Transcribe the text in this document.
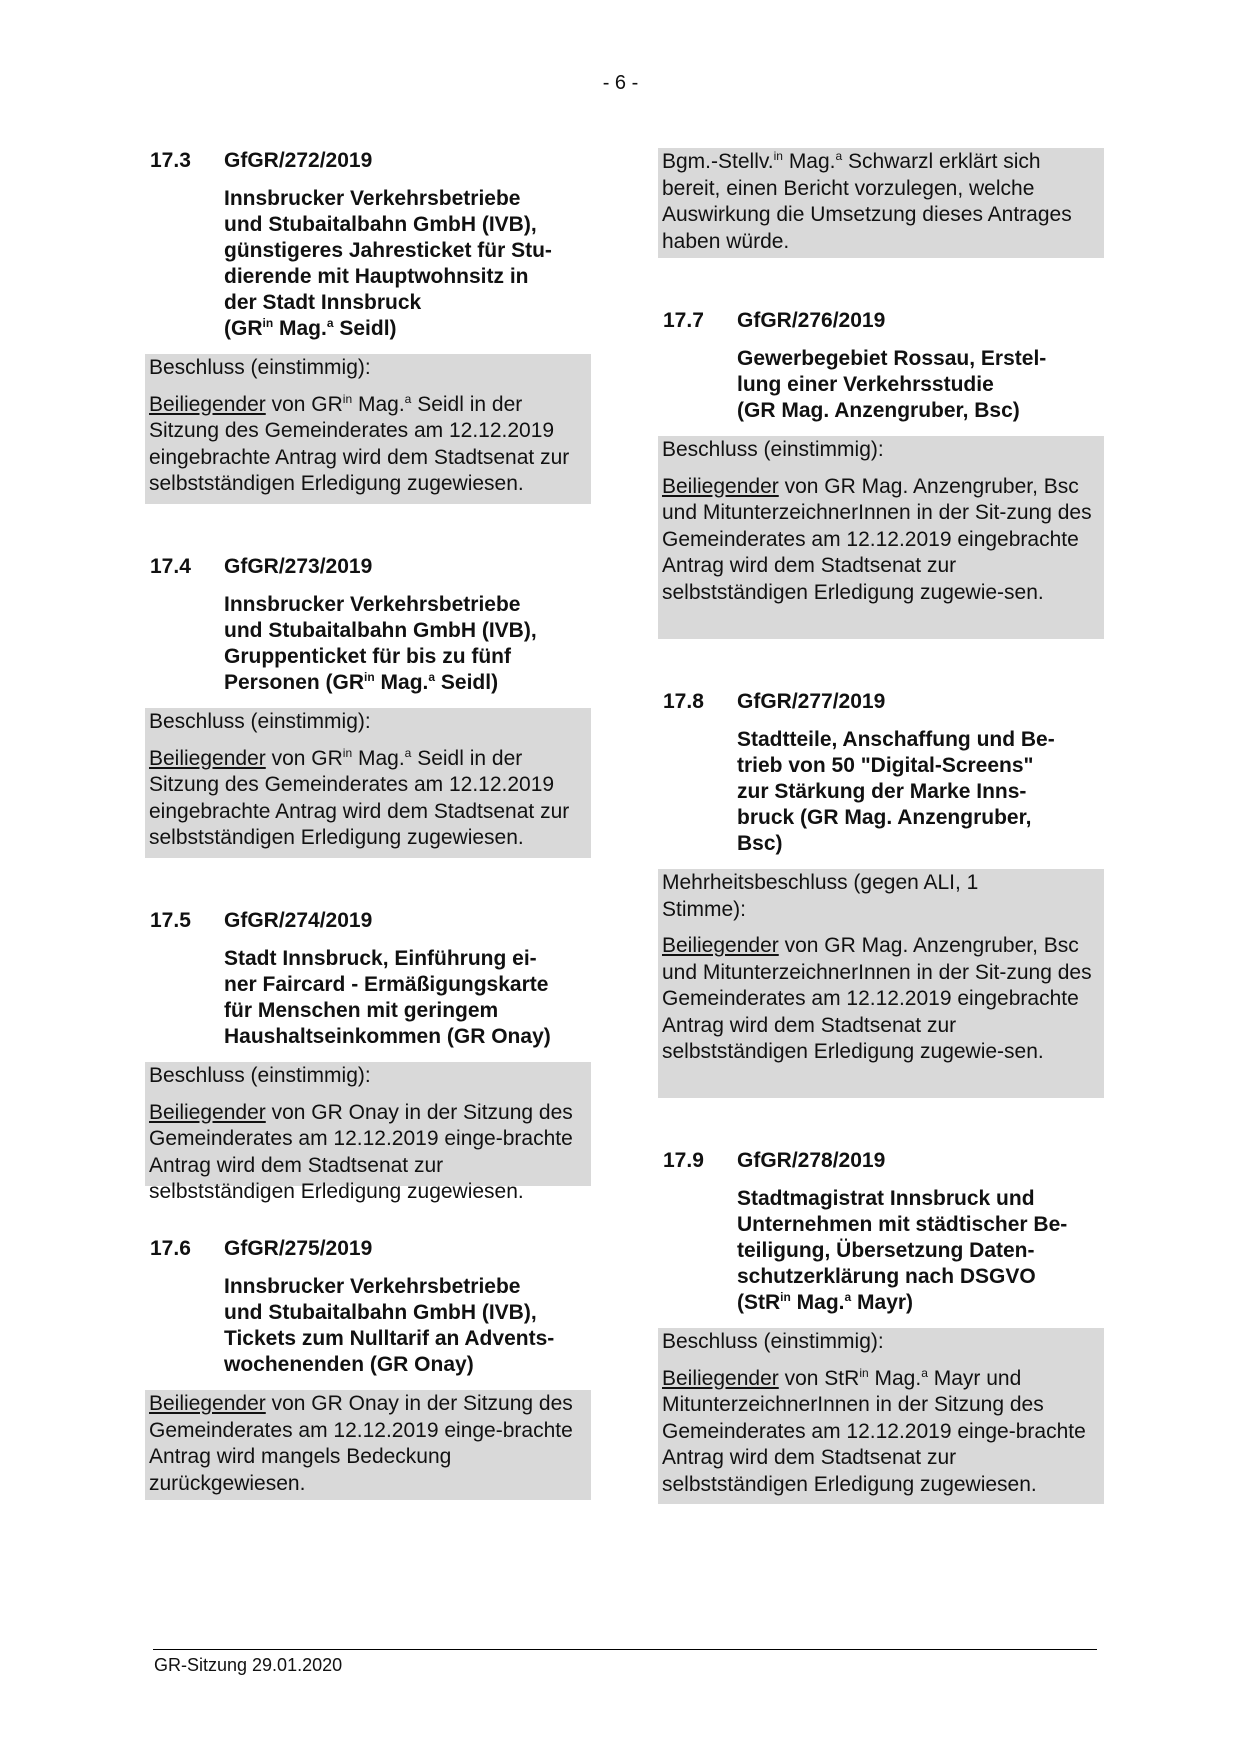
- 6 -
17.3	GfGR/272/2019
Innsbrucker Verkehrsbetriebe
und Stubaitalbahn GmbH (IVB),
günstigeres Jahresticket für Stu-
dierende mit Hauptwohnsitz in
der Stadt Innsbruck
($GR^{in}$ Mag.$^a$ Seidl)

Beschluss (einstimmig):

Beiliegender von $GR^{in}$ Mag.$^a$ Seidl in der Sitzung des Gemeinderates am 12.12.2019 eingebrachte Antrag wird dem Stadtsenat zur selbstständigen Erledigung zugewiesen.

17.4	GfGR/273/2019
Innsbrucker Verkehrsbetriebe
und Stubaitalbahn GmbH (IVB),
Gruppenticket für bis zu fünf
Personen ($GR^{in}$ Mag.$^a$ Seidl)

Beschluss (einstimmig):

Beiliegender von $GR^{in}$ Mag.$^a$ Seidl in der Sitzung des Gemeinderates am 12.12.2019 eingebrachte Antrag wird dem Stadtsenat zur selbstständigen Erledigung zugewiesen.

17.5	GfGR/274/2019
Stadt Innsbruck, Einführung ei-
ner Faircard - Ermäßigungskarte
für Menschen mit geringem
Haushaltseinkommen (GR Onay)

Beschluss (einstimmig):

Beiliegender von GR Onay in der Sitzung des Gemeinderates am 12.12.2019 einge-brachte Antrag wird dem Stadtsenat zur selbstständigen Erledigung zugewiesen.

17.6	GfGR/275/2019
Innsbrucker Verkehrsbetriebe
und Stubaitalbahn GmbH (IVB),
Tickets zum Nulltarif an Advents-
wochenenden (GR Onay)

Beiliegender von GR Onay in der Sitzung des Gemeinderates am 12.12.2019 einge-brachte Antrag wird mangels Bedeckung zurückgewiesen.

Bgm.-Stellv.$^{in}$ Mag.$^a$ Schwarzl erklärt sich bereit, einen Bericht vorzulegen, welche Auswirkung die Umsetzung dieses Antrages haben würde.

17.7	GfGR/276/2019
Gewerbegebiet Rossau, Erstel-
lung einer Verkehrsstudie
(GR Mag. Anzengruber, Bsc)

Beschluss (einstimmig):

Beiliegender von GR Mag. Anzengruber, Bsc und MitunterzeichnerInnen in der Sit-zung des Gemeinderates am 12.12.2019 eingebrachte Antrag wird dem Stadtsenat zur selbstständigen Erledigung zugewie-sen.

17.8	GfGR/277/2019
Stadtteile, Anschaffung und Be-
trieb von 50 "Digital-Screens"
zur Stärkung der Marke Inns-
bruck (GR Mag. Anzengruber,
Bsc)

Mehrheitsbeschluss (gegen ALI, 1 Stimme):

Beiliegender von GR Mag. Anzengruber, Bsc und MitunterzeichnerInnen in der Sit-zung des Gemeinderates am 12.12.2019 eingebrachte Antrag wird dem Stadtsenat zur selbstständigen Erledigung zugewie-sen.

17.9	GfGR/278/2019
Stadtmagistrat Innsbruck und
Unternehmen mit städtischer Be-
teiligung, Übersetzung Daten-
schutzerklärung nach DSGVO
(StR$^{in}$ Mag.$^a$ Mayr)

Beschluss (einstimmig):

Beiliegender von StR$^{in}$ Mag.$^a$ Mayr und MitunterzeichnerInnen in der Sitzung des Gemeinderates am 12.12.2019 einge-brachte Antrag wird dem Stadtsenat zur selbstständigen Erledigung zugewiesen.

GR-Sitzung 29.01.2020
